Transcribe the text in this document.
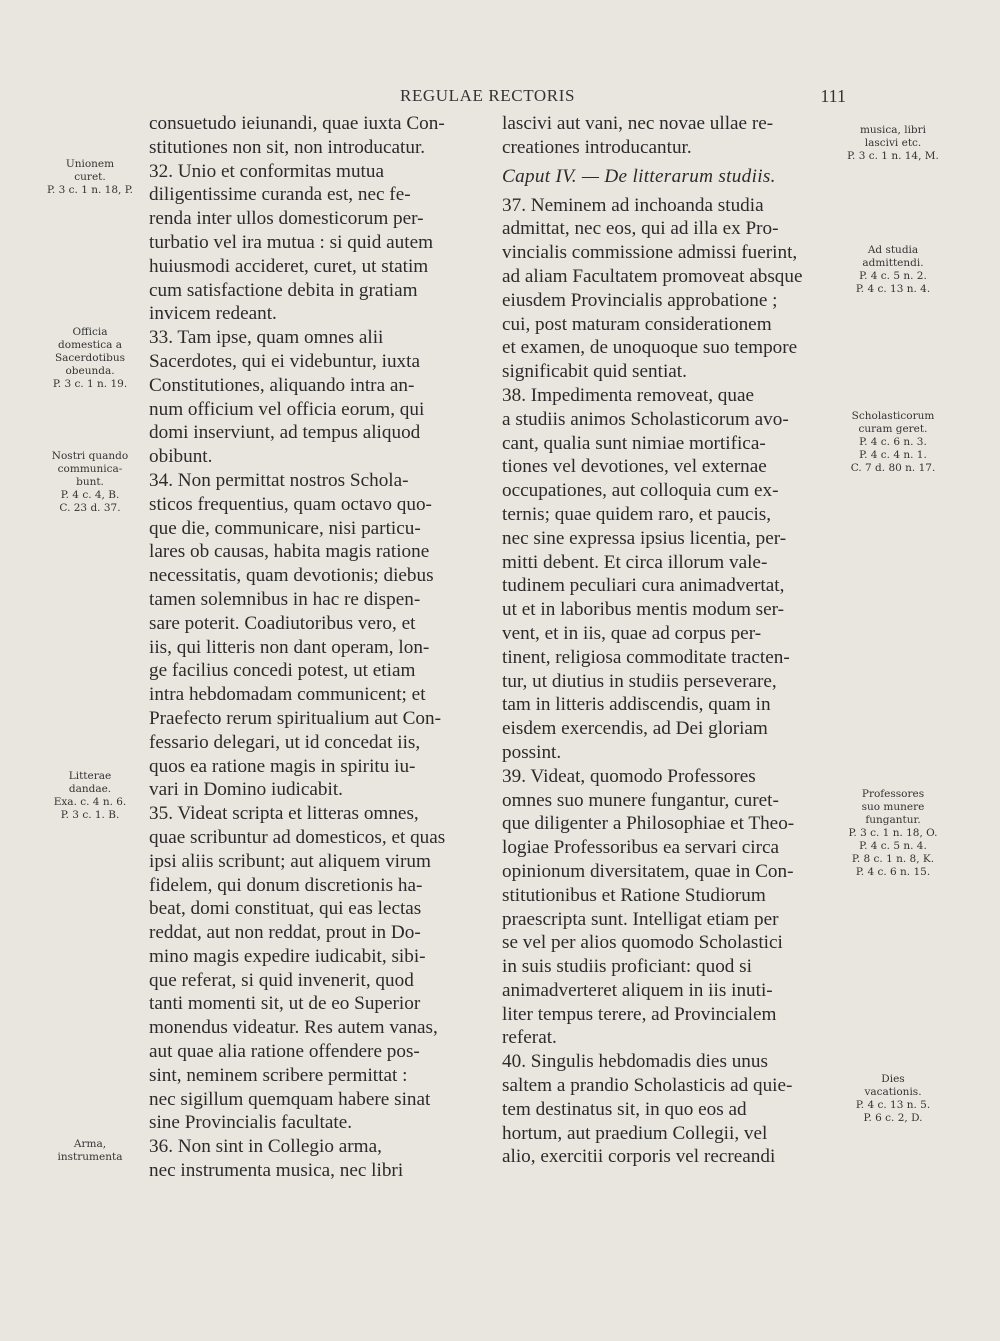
REGULAE RECTORIS	111
consuetudo ieiunandi, quae iuxta Con-
stitutiones non sit, non introducatur.
32. Unio et conformitas mutua
diligentissime curanda est, nec fe-
renda inter ullos domesticorum per-
turbatio vel ira mutua : si quid autem
huiusmodi accideret, curet, ut statim
cum satisfactione debita in gratiam
invicem redeant.
33. Tam ipse, quam omnes alii
Sacerdotes, qui ei videbuntur, iuxta
Constitutiones, aliquando intra an-
num officium vel officia eorum, qui
domi inserviunt, ad tempus aliquod
obibunt.
34. Non permittat nostros Schola-
sticos frequentius, quam octavo quo-
que die, communicare, nisi particu-
lares ob causas, habita magis ratione
necessitatis, quam devotionis; diebus
tamen solemnibus in hac re dispen-
sare poterit. Coadiutoribus vero, et
iis, qui litteris non dant operam, lon-
ge facilius concedi potest, ut etiam
intra hebdomadam communicent; et
Praefecto rerum spiritualium aut Con-
fessario delegari, ut id concedat iis,
quos ea ratione magis in spiritu iu-
vari in Domino iudicabit.
35. Videat scripta et litteras omnes,
quae scribuntur ad domesticos, et quas
ipsi aliis scribunt; aut aliquem virum
fidelem, qui donum discretionis ha-
beat, domi constituat, qui eas lectas
reddat, aut non reddat, prout in Do-
mino magis expedire iudicabit, sibi-
que referat, si quid invenerit, quod
tanti momenti sit, ut de eo Superior
monendus videatur. Res autem vanas,
aut quae alia ratione offendere pos-
sint, neminem scribere permittat :
nec sigillum quemquam habere sinat
sine Provincialis facultate.
36. Non sint in Collegio arma,
nec instrumenta musica, nec libri
lascivi aut vani, nec novae ullae re-
creationes introducantur.
Caput IV. — De litterarum studiis.
37. Neminem ad inchoanda studia
admittat, nec eos, qui ad illa ex Pro-
vincialis commissione admissi fuerint,
ad aliam Facultatem promoveat absque
eiusdem Provincialis approbatione ;
cui, post maturam considerationem
et examen, de unoquoque suo tempore
significabit quid sentiat.
38. Impedimenta removeat, quae
a studiis animos Scholasticorum avo-
cant, qualia sunt nimiae mortifica-
tiones vel devotiones, vel externae
occupationes, aut colloquia cum ex-
ternis; quae quidem raro, et paucis,
nec sine expressa ipsius licentia, per-
mitti debent. Et circa illorum vale-
tudinem peculiari cura animadvertat,
ut et in laboribus mentis modum ser-
vent, et in iis, quae ad corpus per-
tinent, religiosa commoditate tracten-
tur, ut diutius in studiis perseverare,
tam in litteris addiscendis, quam in
eisdem exercendis, ad Dei gloriam
possint.
39. Videat, quomodo Professores
omnes suo munere fungantur, curet-
que diligenter a Philosophiae et Theo-
logiae Professoribus ea servari circa
opinionum diversitatem, quae in Con-
stitutionibus et Ratione Studiorum
praescripta sunt. Intelligat etiam per
se vel per alios quomodo Scholastici
in suis studiis proficiant: quod si
animadverteret aliquem in iis inuti-
liter tempus terere, ad Provincialem
referat.
40. Singulis hebdomadis dies unus
saltem a prandio Scholasticis ad quie-
tem destinatus sit, in quo eos ad
hortum, aut praedium Collegii, vel
alio, exercitii corporis vel recreandi
Unionem
curet.
P. 3 c. 1 n. 18, P.
Officia
domestica a
Sacerdotibus
obeunda.
P. 3 c. 1 n. 19.
Nostri quando
communica-
bunt.
P. 4 c. 4, B.
C. 23 d. 37.
Litterae
dandae.
Exa. c. 4 n. 6.
P. 3 c. 1. B.
Arma,
instrumenta
musica, libri
lascivi etc.
P. 3 c. 1 n. 14, M.
Ad studia
admittendi.
P. 4 c. 5 n. 2.
P. 4 c. 13 n. 4.
Scholasticorum
curam geret.
P. 4 c. 6 n. 3.
P. 4 c. 4 n. 1.
C. 7 d. 80 n. 17.
Professores
suo munere
fungantur.
P. 3 c. 1 n. 18, O.
P. 4 c. 5 n. 4.
P. 8 c. 1 n. 8, K.
P. 4 c. 6 n. 15.
Dies
vacationis.
P. 4 c. 13 n. 5.
P. 6 c. 2, D.
